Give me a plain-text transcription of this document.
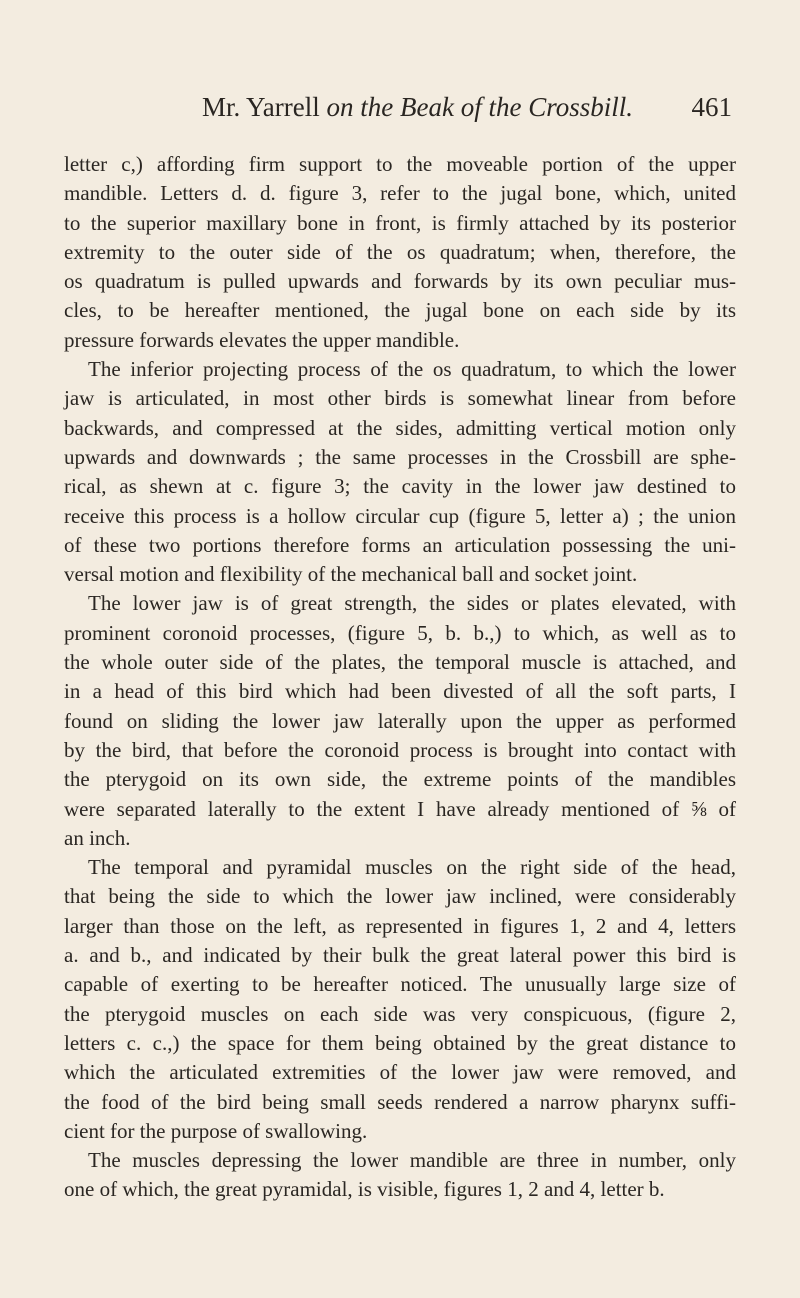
Mr. Yarrell on the Beak of the Crossbill. 461
letter c,) affording firm support to the moveable portion of the upper
mandible. Letters d. d. figure 3, refer to the jugal bone, which, united
to the superior maxillary bone in front, is firmly attached by its posterior
extremity to the outer side of the os quadratum; when, therefore, the
os quadratum is pulled upwards and forwards by its own peculiar mus-
cles, to be hereafter mentioned, the jugal bone on each side by its
pressure forwards elevates the upper mandible.
The inferior projecting process of the os quadratum, to which the lower
jaw is articulated, in most other birds is somewhat linear from before
backwards, and compressed at the sides, admitting vertical motion only
upwards and downwards ; the same processes in the Crossbill are sphe-
rical, as shewn at c. figure 3; the cavity in the lower jaw destined to
receive this process is a hollow circular cup (figure 5, letter a) ; the union
of these two portions therefore forms an articulation possessing the uni-
versal motion and flexibility of the mechanical ball and socket joint.
The lower jaw is of great strength, the sides or plates elevated, with
prominent coronoid processes, (figure 5, b. b.,) to which, as well as to
the whole outer side of the plates, the temporal muscle is attached, and
in a head of this bird which had been divested of all the soft parts, I
found on sliding the lower jaw laterally upon the upper as performed
by the bird, that before the coronoid process is brought into contact with
the pterygoid on its own side, the extreme points of the mandibles
were separated laterally to the extent I have already mentioned of ⅝ of
an inch.
The temporal and pyramidal muscles on the right side of the head,
that being the side to which the lower jaw inclined, were considerably
larger than those on the left, as represented in figures 1, 2 and 4, letters
a. and b., and indicated by their bulk the great lateral power this bird is
capable of exerting to be hereafter noticed. The unusually large size of
the pterygoid muscles on each side was very conspicuous, (figure 2,
letters c. c.,) the space for them being obtained by the great distance to
which the articulated extremities of the lower jaw were removed, and
the food of the bird being small seeds rendered a narrow pharynx suffi-
cient for the purpose of swallowing.
The muscles depressing the lower mandible are three in number, only
one of which, the great pyramidal, is visible, figures 1, 2 and 4, letter b.
